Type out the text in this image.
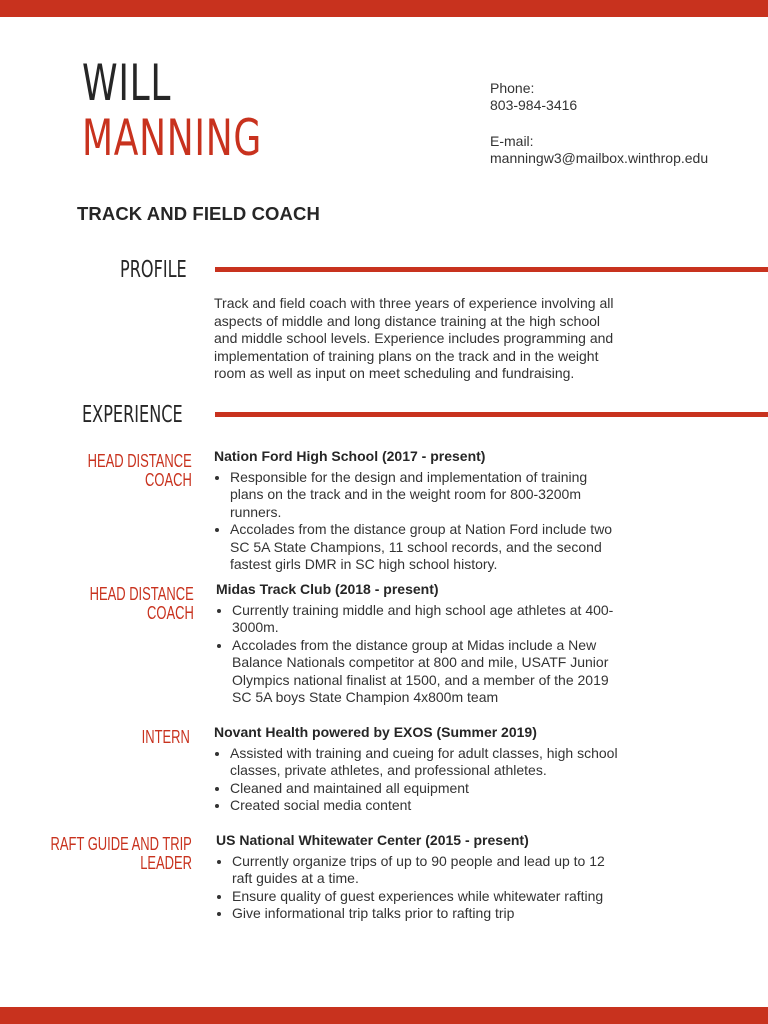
WILL
MANNING
Phone:
803-984-3416
E-mail:
manningw3@mailbox.winthrop.edu
TRACK AND FIELD COACH
PROFILE
Track and field coach with three years of experience involving all aspects of middle and long distance training at the high school and middle school levels. Experience includes programming and implementation of training plans on the track and in the weight room as well as input on meet scheduling and fundraising.
EXPERIENCE
HEAD DISTANCE
COACH

Nation Ford High School (2017 - present)

• Responsible for the design and implementation of training plans on the track and in the weight room for 800-3200m runners.
• Accolades from the distance group at Nation Ford include two SC 5A State Champions, 11 school records, and the second fastest girls DMR in SC high school history.
HEAD DISTANCE
COACH

Midas Track Club (2018 - present)

• Currently training middle and high school age athletes at 400-3000m.
• Accolades from the distance group at Midas include a New Balance Nationals competitor at 800 and mile, USATF Junior Olympics national finalist at 1500, and a member of the 2019 SC 5A boys State Champion 4x800m team
INTERN Novant Health powered by EXOS (Summer 2019)

• Assisted with training and cueing for adult classes, high school classes, private athletes, and professional athletes.
• Cleaned and maintained all equipment
• Created social media content
RAFT GUIDE AND TRIP
LEADER

US National Whitewater Center (2015 - present)

• Currently organize trips of up to 90 people and lead up to 12 raft guides at a time.
• Ensure quality of guest experiences while whitewater rafting
• Give informational trip talks prior to rafting trip
